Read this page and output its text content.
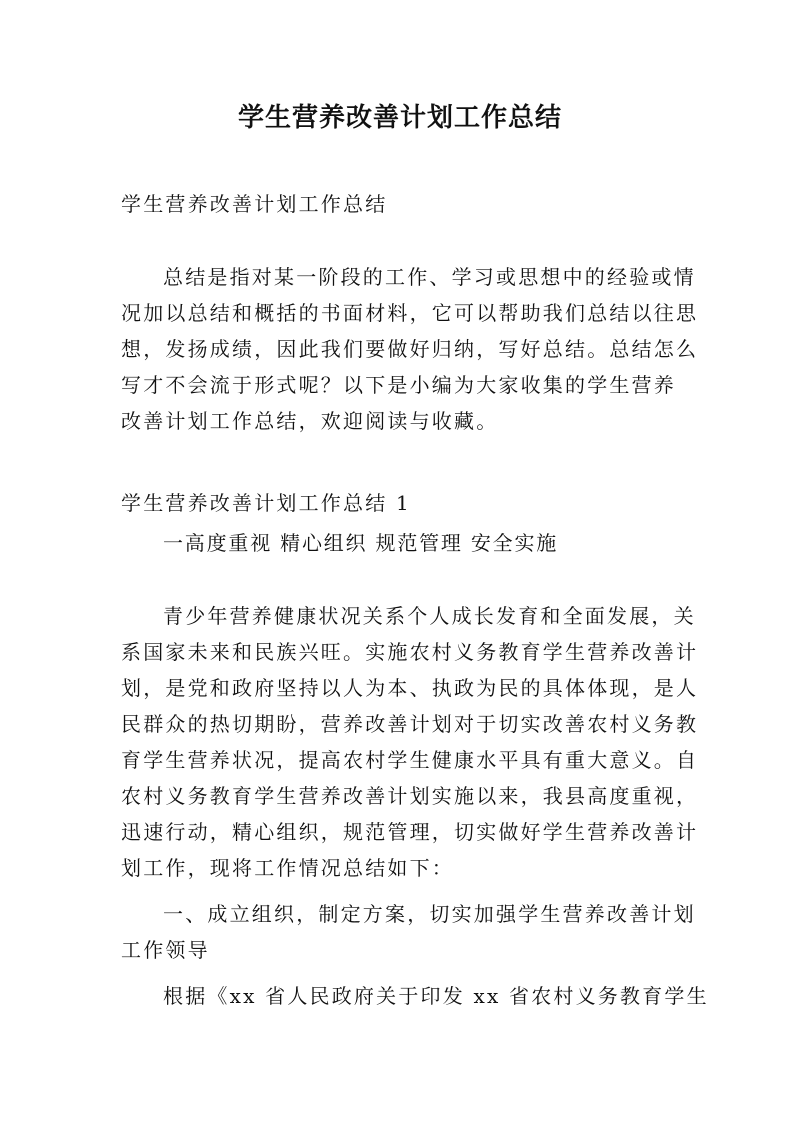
学生营养改善计划工作总结

学生营养改善计划工作总结

总结是指对某一阶段的工作、学习或思想中的经验或情

况加以总结和概括的书面材料，它可以帮助我们总结以往思

想，发扬成绩，因此我们要做好归纳，写好总结。总结怎么

写才不会流于形式呢？以下是小编为大家收集的学生营养

改善计划工作总结，欢迎阅读与收藏。

学生营养改善计划工作总结 1

一高度重视 精心组织 规范管理 安全实施

青少年营养健康状况关系个人成长发育和全面发展，关

系国家未来和民族兴旺。实施农村义务教育学生营养改善计

划，是党和政府坚持以人为本、执政为民的具体体现，是人

民群众的热切期盼，营养改善计划对于切实改善农村义务教

育学生营养状况，提高农村学生健康水平具有重大意义。自

农村义务教育学生营养改善计划实施以来，我县高度重视，

迅速行动，精心组织，规范管理，切实做好学生营养改善计

划工作，现将工作情况总结如下：

一、成立组织，制定方案，切实加强学生营养改善计划

工作领导

根据《xx 省人民政府关于印发 xx 省农村义务教育学生
